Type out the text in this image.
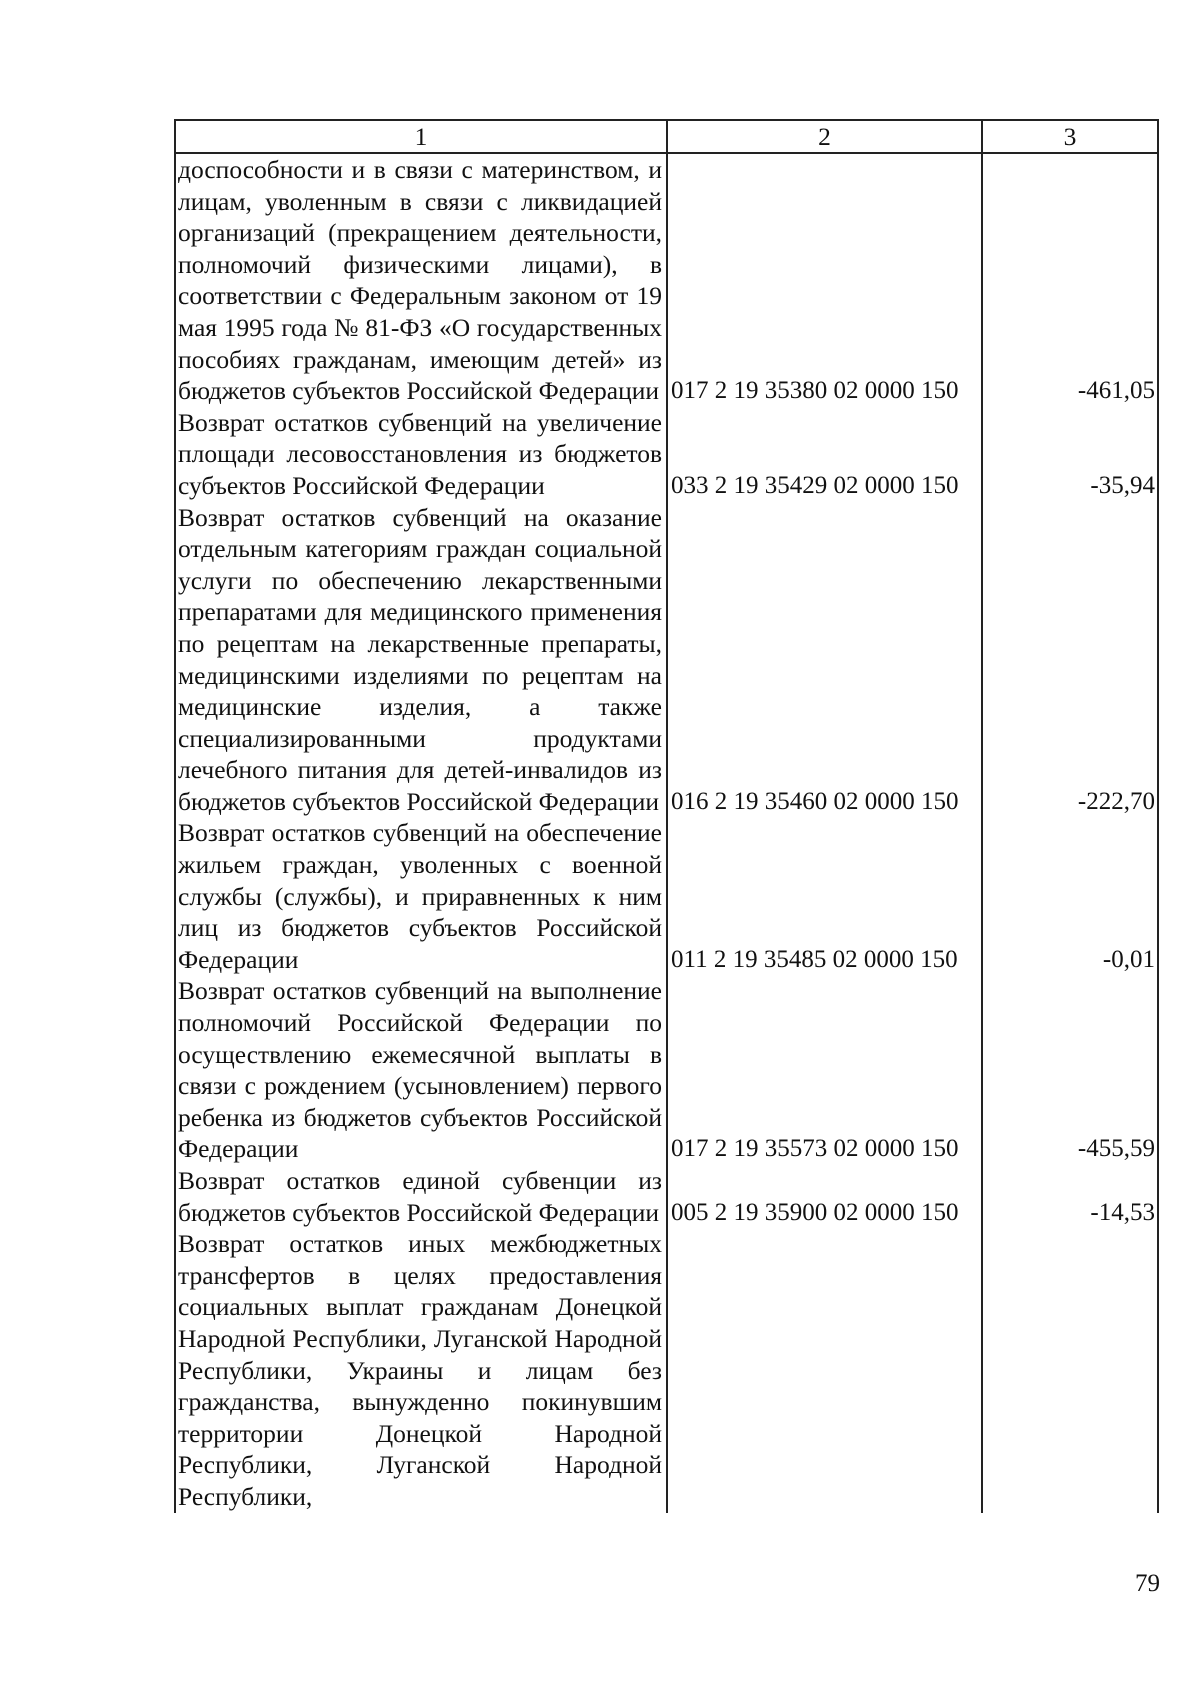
1	2	3
доспособности и в связи с материнством, и лицам, уволенным в связи с ликвидацией организаций (прекращением деятельности, полномочий физическими лицами), в соответствии с Федеральным законом от 19 мая 1995 года № 81-ФЗ «О государственных пособиях гражданам, имеющим детей» из бюджетов субъектов Российской Федерации	017 2 19 35380 02 0000 150	-461,05
Возврат остатков субвенций на увеличение площади лесовосстановления из бюджетов субъектов Российской Федерации	033 2 19 35429 02 0000 150	-35,94
Возврат остатков субвенций на оказание отдельным категориям граждан социальной услуги по обеспечению лекарственными препаратами для медицинского применения по рецептам на лекарственные препараты, медицинскими изделиями по рецептам на медицинские изделия, а также специализированными продуктами лечебного питания для детей-инвалидов из бюджетов субъектов Российской Федерации	016 2 19 35460 02 0000 150	-222,70
Возврат остатков субвенций на обеспечение жильем граждан, уволенных с военной службы (службы), и приравненных к ним лиц из бюджетов субъектов Российской Федерации	011 2 19 35485 02 0000 150	-0,01
Возврат остатков субвенций на выполнение полномочий Российской Федерации по осуществлению ежемесячной выплаты в связи с рождением (усыновлением) первого ребенка из бюджетов субъектов Российской Федерации	017 2 19 35573 02 0000 150	-455,59
Возврат остатков единой субвенции из бюджетов субъектов Российской Федерации	005 2 19 35900 02 0000 150	-14,53
Возврат остатков иных межбюджетных трансфертов в целях предоставления социальных выплат гражданам Донецкой Народной Республики, Луганской Народной Республики, Украины и лицам без гражданства, вынужденно покинувшим территории Донецкой Народной Республики, Луганской Народной Республики,		
79
